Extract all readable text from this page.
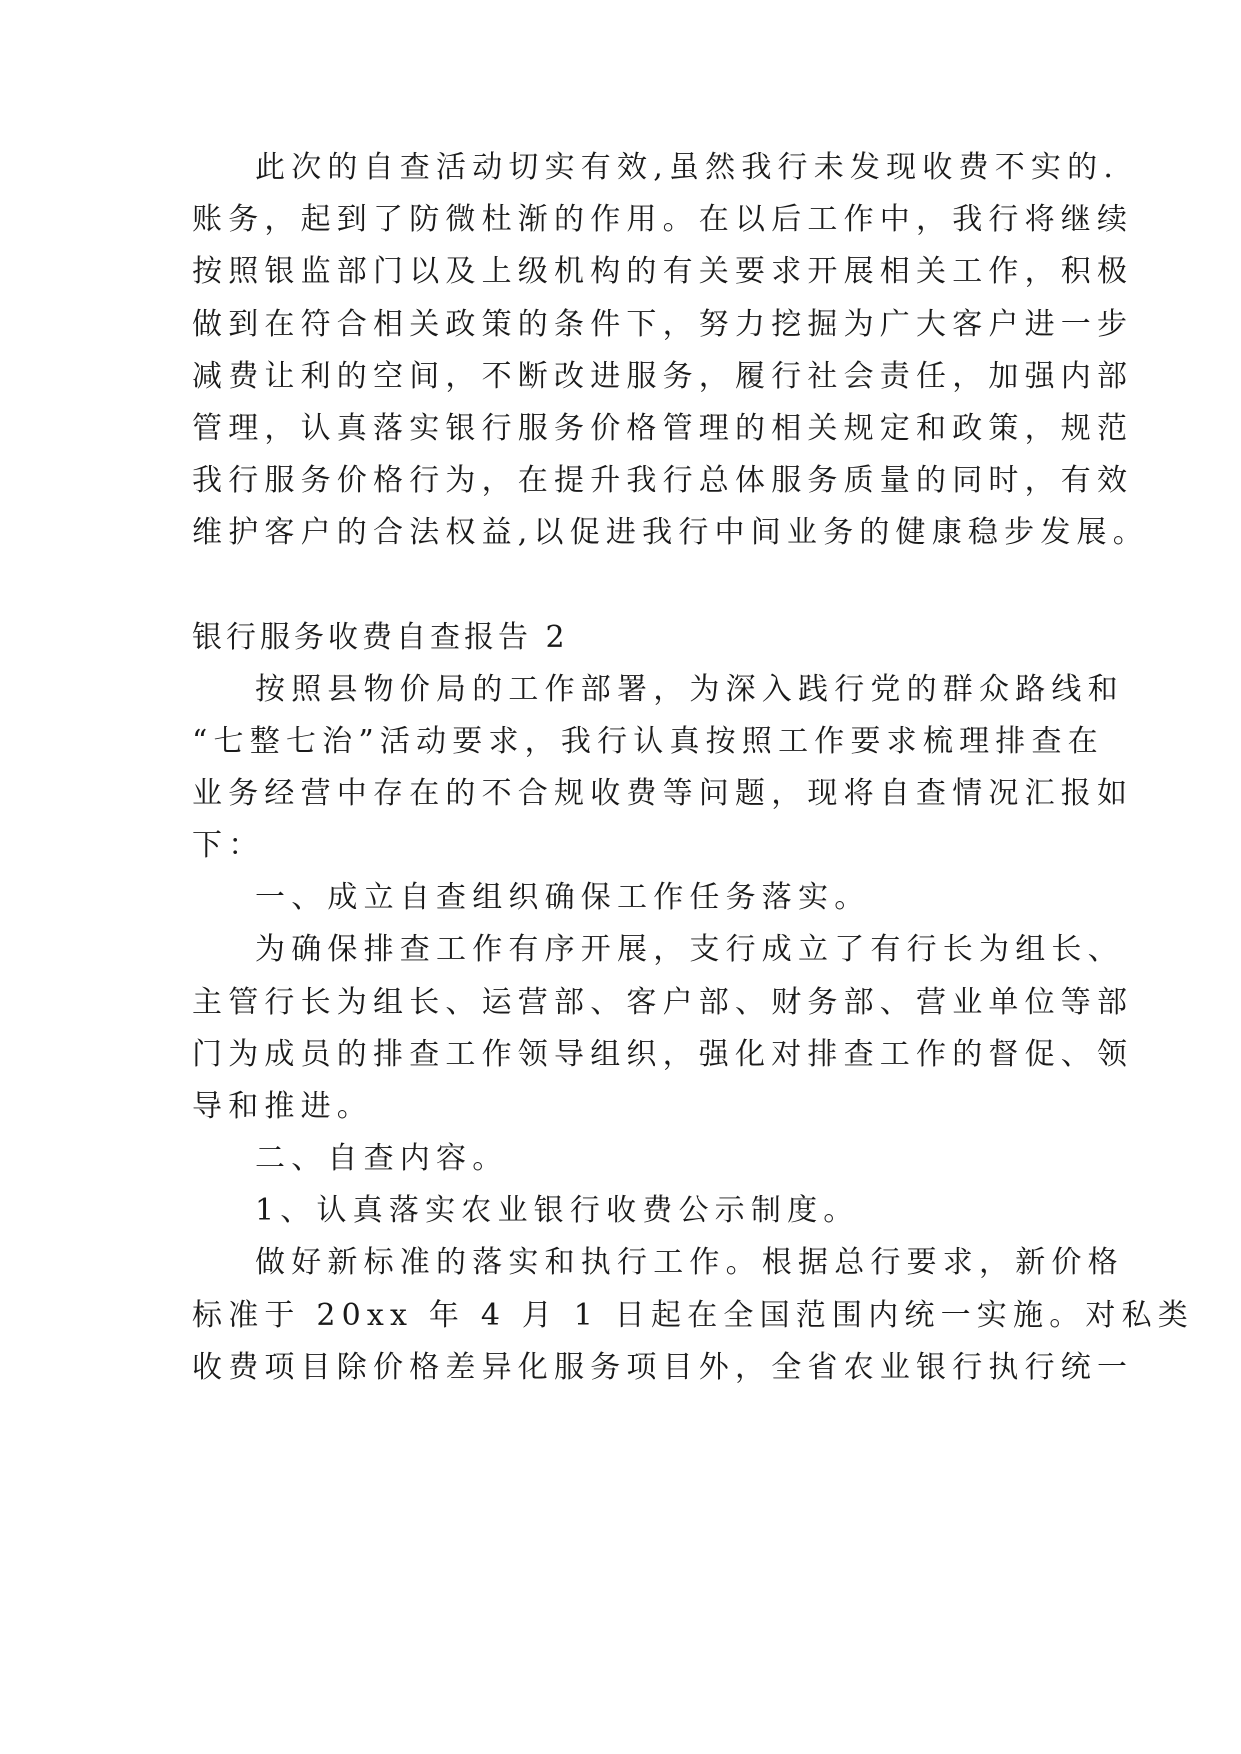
此次的自查活动切实有效,虽然我行未发现收费不实的.
账务，起到了防微杜渐的作用。在以后工作中，我行将继续
按照银监部门以及上级机构的有关要求开展相关工作，积极
做到在符合相关政策的条件下，努力挖掘为广大客户进一步
减费让利的空间，不断改进服务，履行社会责任，加强内部
管理，认真落实银行服务价格管理的相关规定和政策，规范
我行服务价格行为，在提升我行总体服务质量的同时，有效
维护客户的合法权益,以促进我行中间业务的健康稳步发展。
银行服务收费自查报告 2
按照县物价局的工作部署，为深入践行党的群众路线和
“七整七治”活动要求，我行认真按照工作要求梳理排查在
业务经营中存在的不合规收费等问题，现将自查情况汇报如
下：
一、成立自查组织确保工作任务落实。
为确保排查工作有序开展，支行成立了有行长为组长、
主管行长为组长、运营部、客户部、财务部、营业单位等部
门为成员的排查工作领导组织，强化对排查工作的督促、领
导和推进。
二、自查内容。
1、认真落实农业银行收费公示制度。
做好新标准的落实和执行工作。根据总行要求，新价格
标准于 20xx 年 4 月 1 日起在全国范围内统一实施。对私类
收费项目除价格差异化服务项目外，全省农业银行执行统一
